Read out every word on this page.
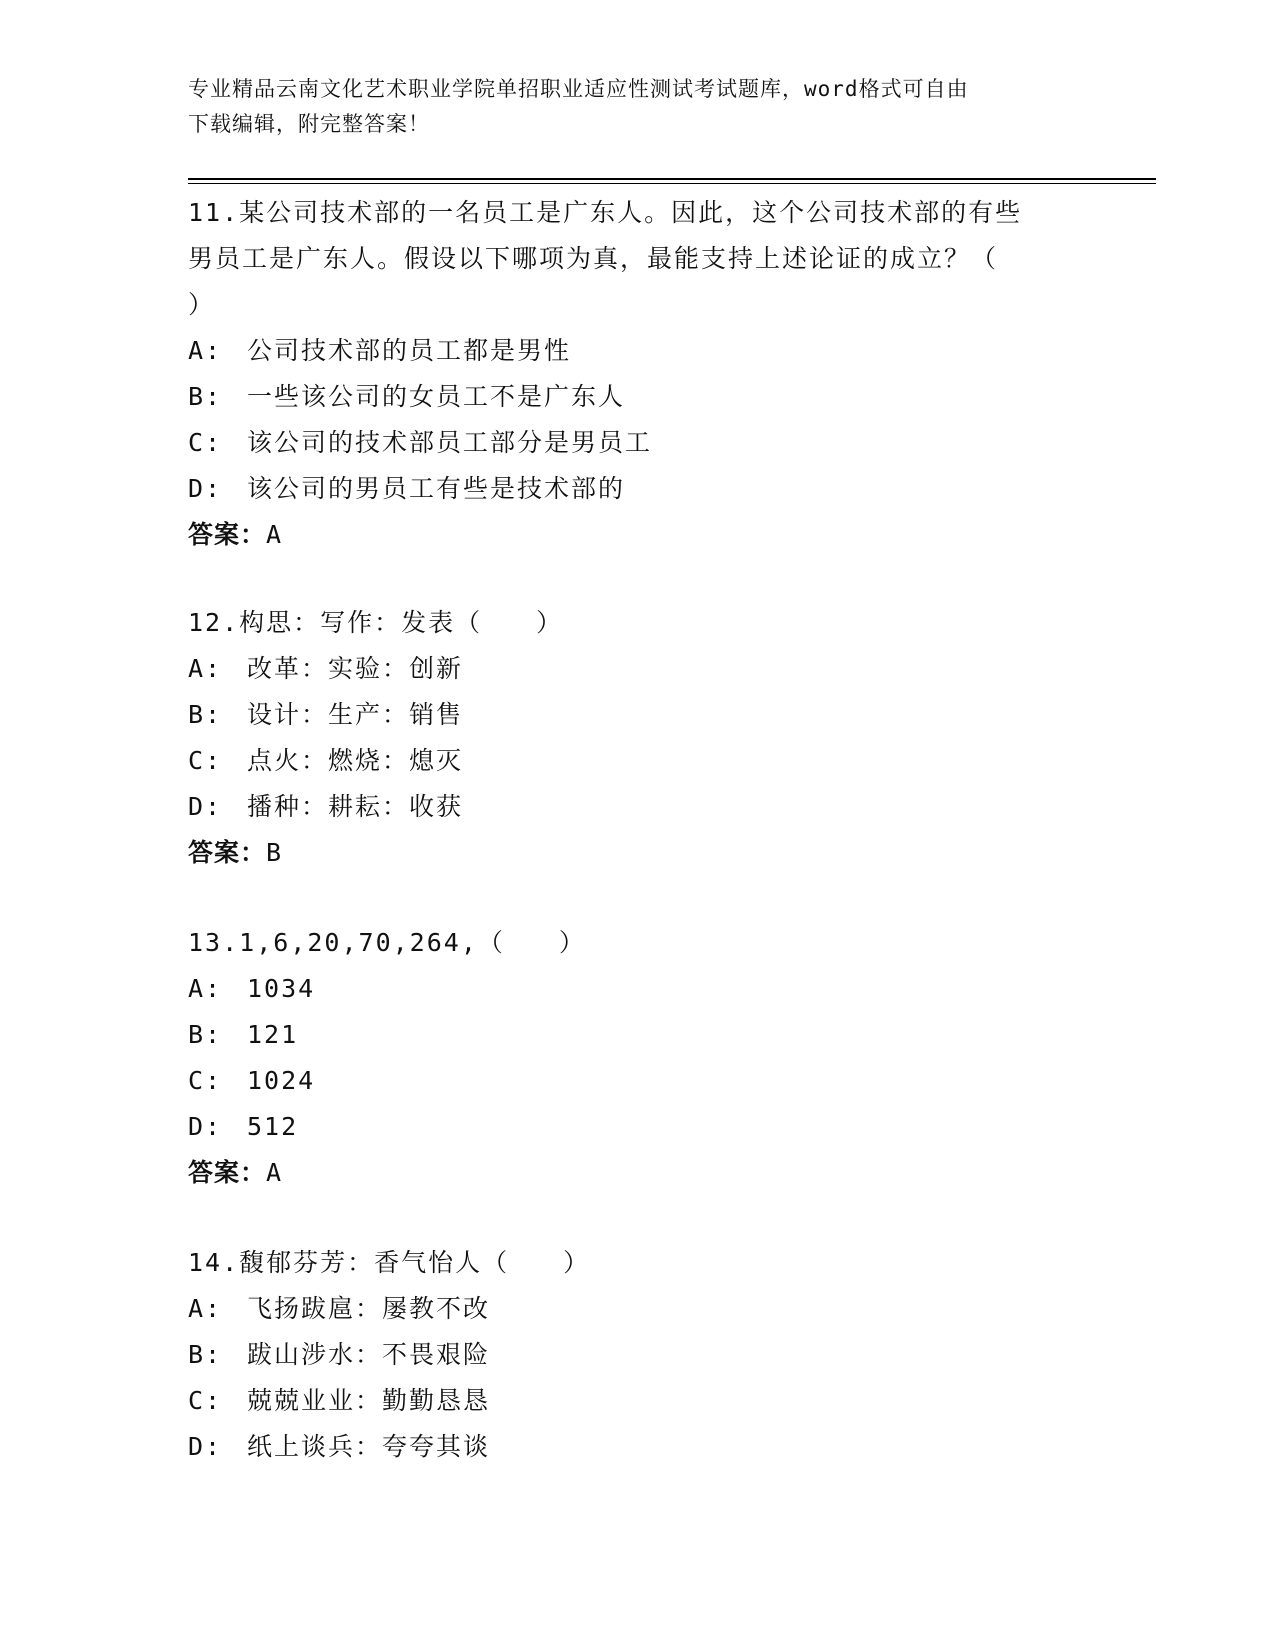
专业精品云南文化艺术职业学院单招职业适应性测试考试题库，word格式可自由
下载编辑，附完整答案！
11.某公司技术部的一名员工是广东人。因此，这个公司技术部的有些
男员工是广东人。假设以下哪项为真，最能支持上述论证的成立？（
）
A: 公司技术部的员工都是男性
B: 一些该公司的女员工不是广东人
C: 该公司的技术部员工部分是男员工
D: 该公司的男员工有些是技术部的
答案：A
12.构思：写作：发表（　　）
A: 改革：实验：创新
B: 设计：生产：销售
C: 点火：燃烧：熄灭
D: 播种：耕耘：收获
答案：B
13.1,6,20,70,264,（　　）
A: 1034
B: 121
C: 1024
D: 512
答案：A
14.馥郁芬芳：香气怡人（　　）
A: 飞扬跋扈：屡教不改
B: 跋山涉水：不畏艰险
C: 兢兢业业：勤勤恳恳
D: 纸上谈兵：夸夸其谈
